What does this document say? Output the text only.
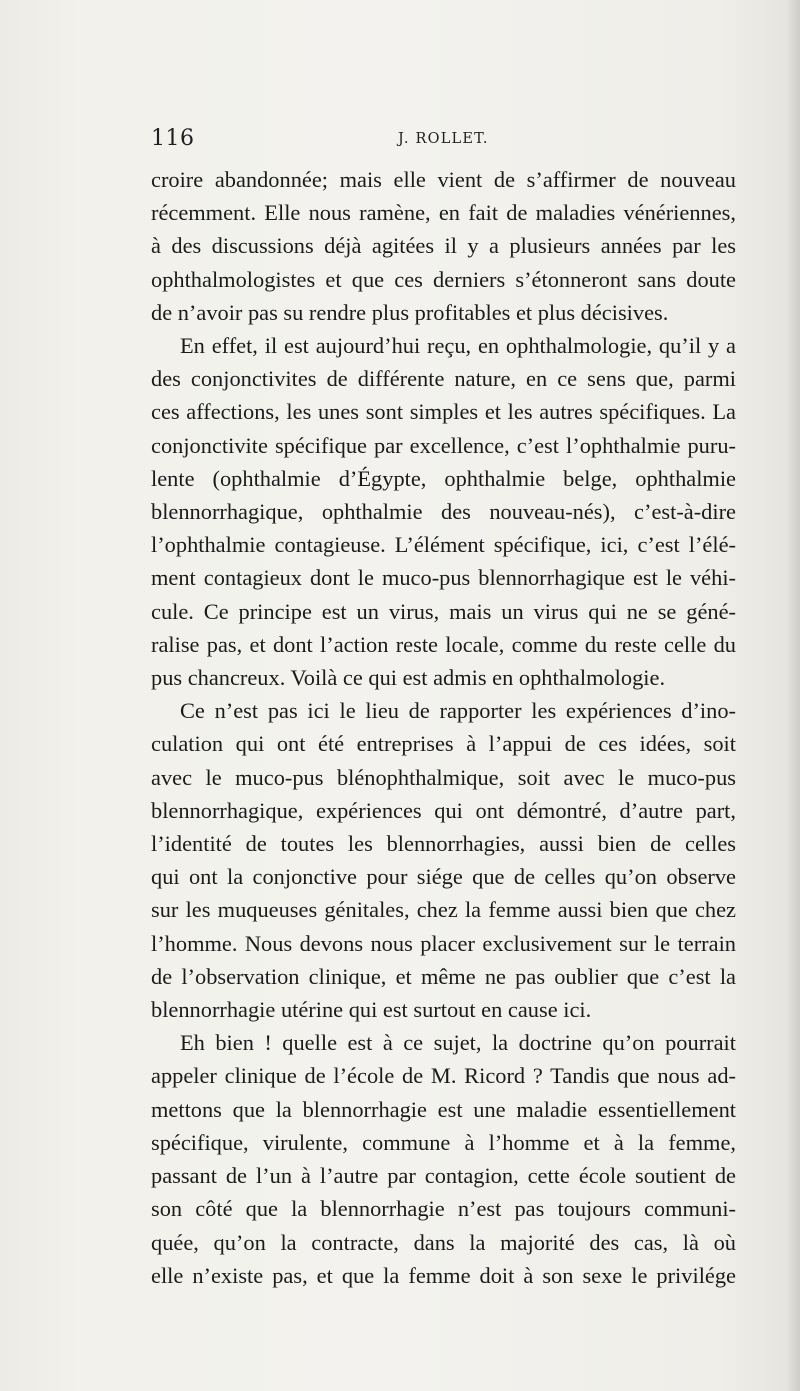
116	J. ROLLET.

croire abandonnée; mais elle vient de s’affirmer de nouveau
récemment. Elle nous ramène, en fait de maladies vénériennes,
à des discussions déjà agitées il y a plusieurs années par les
ophthalmologistes et que ces derniers s’étonneront sans doute
de n’avoir pas su rendre plus profitables et plus décisives.

En effet, il est aujourd’hui reçu, en ophthalmologie, qu’il y a
des conjonctivites de différente nature, en ce sens que, parmi
ces affections, les unes sont simples et les autres spécifiques. La
conjonctivite spécifique par excellence, c’est l’ophthalmie puru-
lente (ophthalmie d’Égypte, ophthalmie belge, ophthalmie
blennorrhagique, ophthalmie des nouveau-nés), c’est-à-dire
l’ophthalmie contagieuse. L’élément spécifique, ici, c’est l’élé-
ment contagieux dont le muco-pus blennorrhagique est le véhi-
cule. Ce principe est un virus, mais un virus qui ne se géné-
ralise pas, et dont l’action reste locale, comme du reste celle du
pus chancreux. Voilà ce qui est admis en ophthalmologie.

Ce n’est pas ici le lieu de rapporter les expériences d’ino-
culation qui ont été entreprises à l’appui de ces idées, soit
avec le muco-pus blénophthalmique, soit avec le muco-pus
blennorrhagique, expériences qui ont démontré, d’autre part,
l’identité de toutes les blennorrhagies, aussi bien de celles
qui ont la conjonctive pour siége que de celles qu’on observe
sur les muqueuses génitales, chez la femme aussi bien que chez
l’homme. Nous devons nous placer exclusivement sur le terrain
de l’observation clinique, et même ne pas oublier que c’est la
blennorrhagie utérine qui est surtout en cause ici.

Eh bien ! quelle est à ce sujet, la doctrine qu’on pourrait
appeler clinique de l’école de M. Ricord ? Tandis que nous ad-
mettons que la blennorrhagie est une maladie essentiellement
spécifique, virulente, commune à l’homme et à la femme,
passant de l’un à l’autre par contagion, cette école soutient de
son côté que la blennorrhagie n’est pas toujours communi-
quée, qu’on la contracte, dans la majorité des cas, là où
elle n’existe pas, et que la femme doit à son sexe le privilége
